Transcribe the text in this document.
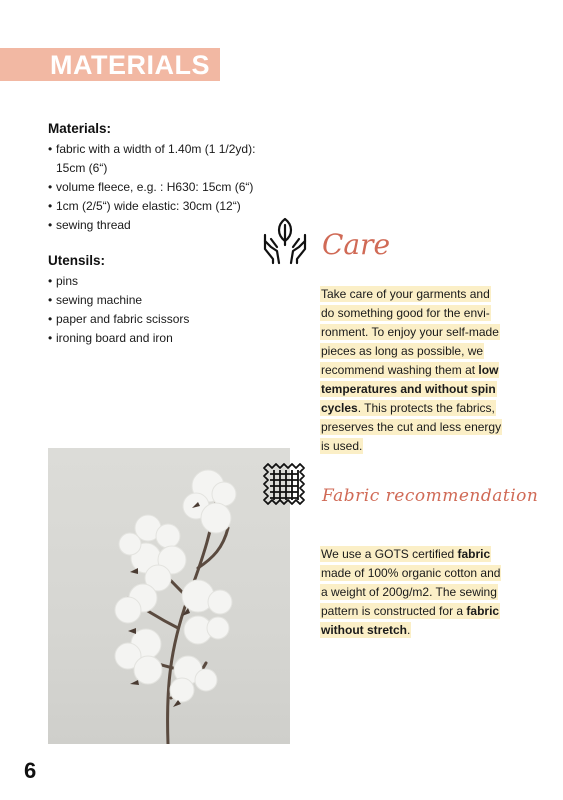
MATERIALS
Materials:
• fabric with a width of 1.40m (1 1/2yd):
15cm (6“)
• volume fleece, e.g. : H630: 15cm (6“)
• 1cm (2/5“) wide elastic: 30cm (12“)
• sewing thread
Utensils:
• pins
• sewing machine
• paper and fabric scissors
• ironing board and iron
Care
Take care of your garments and
do something good for the envi-
ronment. To enjoy your self-made
pieces as long as possible, we
recommend washing them at low
temperatures and without spin
cycles. This protects the fabrics,
preserves the cut and less energy
is used.
Fabric recommendation
We use a GOTS certified fabric
made of 100% organic cotton and
a weight of 200g/m2. The sewing
pattern is constructed for a fabric
without stretch.
6
